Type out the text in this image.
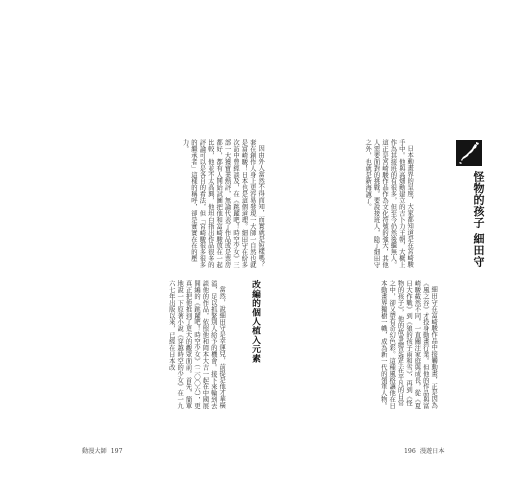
怪物的孩子 細田守

日本動畫界的皇座，大家都知道是在宮崎駿手中。他與高畑勳建立的吉卜力王朝，大概上作為其接班的有很多，但至今仍然後繼無人。這正是宮崎駿作品作為文化符號的強大，其他人需要面對的挑戰。要說接班人，除了細田守之外，也就是新海誠了。

細田守在富崎駿作品中接觸動畫，正是因為《風之谷》才投身動畫行業。但他的作品與富崎駿截然不同，一直關注家庭與成長，從《夏日大作戰》到《狼的孩子雨和雪》，再到《怪物的孩子》，他的故事總是發生在平凡的日常之中，卻又帶有奇幻色彩。這種風格讓他在日本動畫界獨樹一幟，成為新一代的領軍人物。

196 漫遊日本

因由外人當然不得而知，而實就是短樣嗎？套在創作人身上更容易發現一大師一自然也就是富崎駿！日本也是這個道理。細田守在紛多次訪中曾經談及，在《跳躍吧！時空少女》三部一大獲寶業熱評，無論代表了作品或是票房都好，都有人開始試圖把他和富崎駿放在一起比較，他並不太高興，他坦白指出作品很多的評論可以是各自的看法，但「宮崎駿很多很多的繼承者」這樣的稱呼，卻是實實在在的壓力。

改編的個人植入元素

當然，說細田守是幸運兒，前提是他才華橫溢，足以抓緊別人給予的機會。接下來輪到去談他的作品，依照他和岡本大吉一起在中國展開編的《跳躍吧！時空少女》（二〇〇六），更真正把他推到了更大的觀眾面前。首先，簡單地說一下原著小說《穿越時空的少女》在一九六七年出版以來，已經在日本改

動漫大師 197
